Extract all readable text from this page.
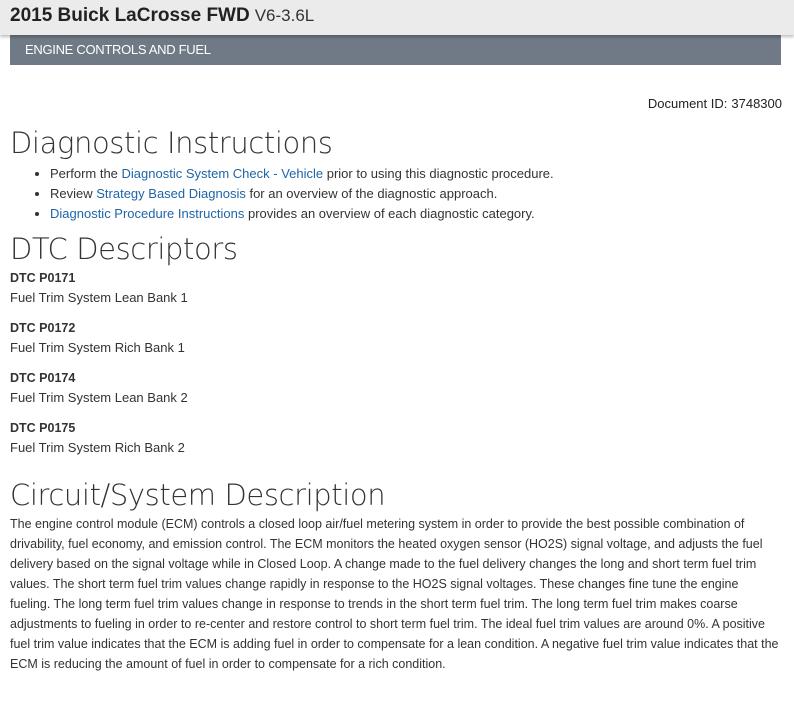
2015 Buick LaCrosse FWD V6-3.6L
ENGINE CONTROLS AND FUEL
Document ID: 3748300
Diagnostic Instructions
• Perform the Diagnostic System Check - Vehicle prior to using this diagnostic procedure.
• Review Strategy Based Diagnosis for an overview of the diagnostic approach.
• Diagnostic Procedure Instructions provides an overview of each diagnostic category.
DTC Descriptors
DTC P0171
Fuel Trim System Lean Bank 1
DTC P0172
Fuel Trim System Rich Bank 1
DTC P0174
Fuel Trim System Lean Bank 2
DTC P0175
Fuel Trim System Rich Bank 2
Circuit/System Description

The engine control module (ECM) controls a closed loop air/fuel metering system in order to provide the best possible combination of drivability, fuel economy, and emission control. The ECM monitors the heated oxygen sensor (HO2S) signal voltage, and adjusts the fuel delivery based on the signal voltage while in Closed Loop. A change made to the fuel delivery changes the long and short term fuel trim values. The short term fuel trim values change rapidly in response to the HO2S signal voltages. These changes fine tune the engine fueling. The long term fuel trim values change in response to trends in the short term fuel trim. The long term fuel trim makes coarse adjustments to fueling in order to re-center and restore control to short term fuel trim. The ideal fuel trim values are around 0%. A positive fuel trim value indicates that the ECM is adding fuel in order to compensate for a lean condition. A negative fuel trim value indicates that the ECM is reducing the amount of fuel in order to compensate for a rich condition.
